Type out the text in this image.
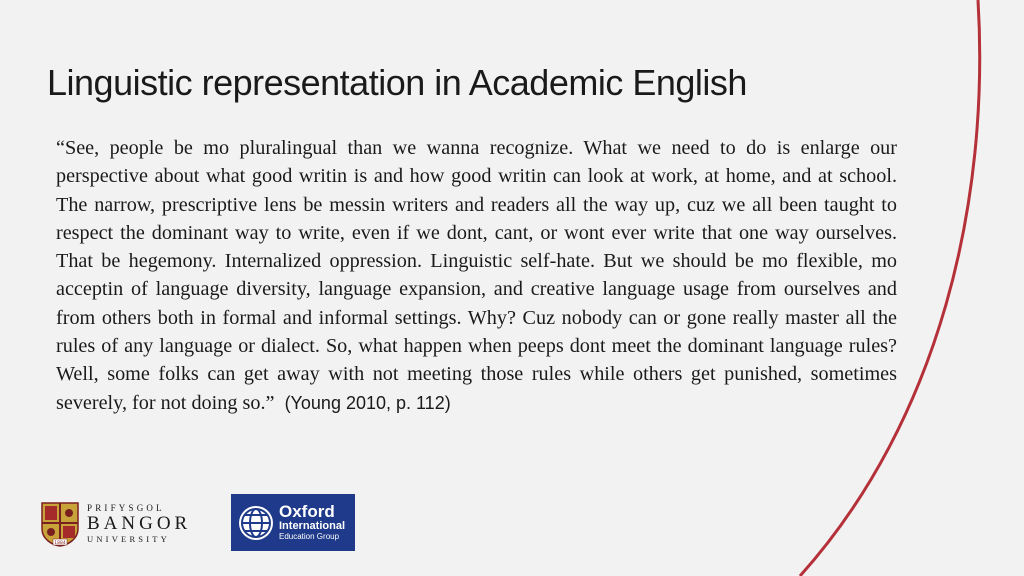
Linguistic representation in Academic English

“See, people be mo pluralingual than we wanna recognize. What we need to do is enlarge our perspective about what good writin is and how good writin can look at work, at home, and at school. The narrow, prescriptive lens be messin writers and readers all the way up, cuz we all been taught to respect the dominant way to write, even if we dont, cant, or wont ever write that one way ourselves. That be hegemony. Internalized oppression. Linguistic self-hate. But we should be mo flexible, mo acceptin of language diversity, language expansion, and creative language usage from ourselves and from others both in formal and informal settings. Why? Cuz nobody can or gone really master all the rules of any language or dialect. So, what happen when peeps dont meet the dominant language rules? Well, some folks can get away with not meeting those rules while others get punished, sometimes severely, for not doing so.” (Young 2010, p. 112)

1884
PRIFYSGOL
BANGOR
UNIVERSITY
Oxford
International
Education Group
